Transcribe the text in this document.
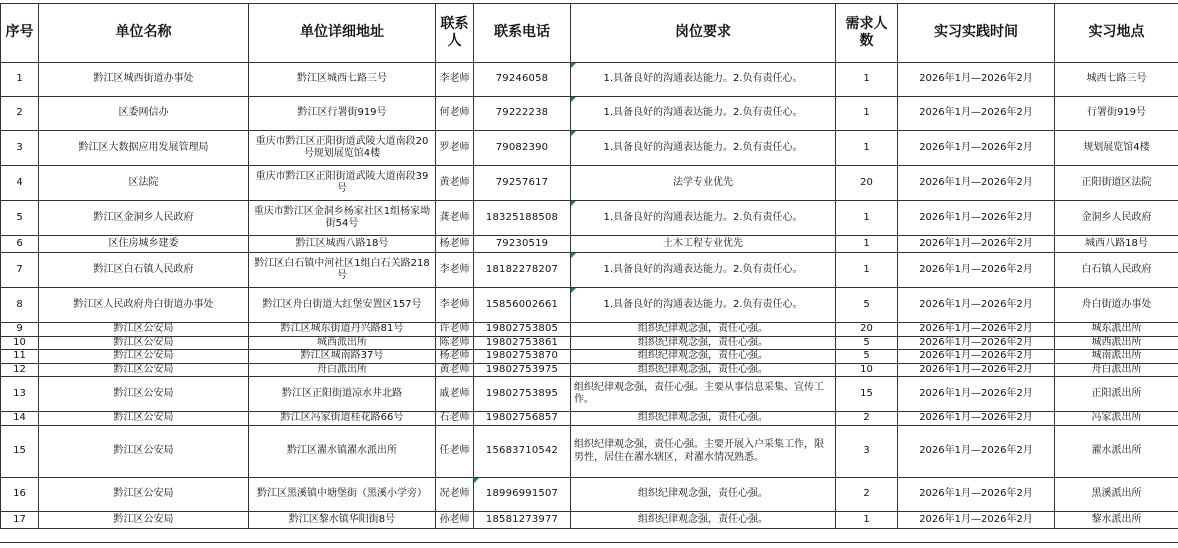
序号	单位名称	单位详细地址	联系人	联系电话	岗位要求	需求人数	实习实践时间	实习地点
1	黔江区城西街道办事处	黔江区城西七路三号	李老师	79246058	1.具备良好的沟通表达能力。2.负有责任心。	1	2026年1月—2026年2月	城西七路三号
2	区委网信办	黔江区行署街919号	何老师	79222238	1.具备良好的沟通表达能力。2.负有责任心。	1	2026年1月—2026年2月	行署街919号
3	黔江区大数据应用发展管理局	重庆市黔江区正阳街道武陵大道南段20号规划展览馆4楼	罗老师	79082390	1.具备良好的沟通表达能力。2.负有责任心。	1	2026年1月—2026年2月	规划展览馆4楼
4	区法院	重庆市黔江区正阳街道武陵大道南段39号	黄老师	79257617	法学专业优先	20	2026年1月—2026年2月	正阳街道区法院
5	黔江区金洞乡人民政府	重庆市黔江区金洞乡杨家社区1组杨家坳街54号	龚老师	18325188508	1.具备良好的沟通表达能力。2.负有责任心。	1	2026年1月—2026年2月	金洞乡人民政府
6	区住房城乡建委	黔江区城西八路18号	杨老师	79230519	土木工程专业优先	1	2026年1月—2026年2月	城西八路18号
7	黔江区白石镇人民政府	黔江区白石镇中河社区1组白石关路218号	李老师	18182278207	1.具备良好的沟通表达能力。2.负有责任心。	1	2026年1月—2026年2月	白石镇人民政府
8	黔江区人民政府舟白街道办事处	黔江区舟白街道大红堡安置区157号	李老师	15856002661	1.具备良好的沟通表达能力。2.负有责任心。	5	2026年1月—2026年2月	舟白街道办事处
9	黔江区公安局	黔江区城东街道丹兴路81号	许老师	19802753805	组织纪律观念强，责任心强。	20	2026年1月—2026年2月	城东派出所
10	黔江区公安局	城西派出所	陈老师	19802753861	组织纪律观念强，责任心强。	5	2026年1月—2026年2月	城西派出所
11	黔江区公安局	黔江区城南路37号	杨老师	19802753870	组织纪律观念强，责任心强。	5	2026年1月—2026年2月	城南派出所
12	黔江区公安局	舟白派出所	黄老师	19802753975	组织纪律观念强，责任心强。	10	2026年1月—2026年2月	舟白派出所
13	黔江区公安局	黔江区正阳街道凉水井北路	戚老师	19802753895	组织纪律观念强，责任心强。主要从事信息采集、宣传工作。	15	2026年1月—2026年2月	正阳派出所
14	黔江区公安局	黔江区冯家街道桂花路66号	石老师	19802756857	组织纪律观念强，责任心强。	2	2026年1月—2026年2月	冯家派出所
15	黔江区公安局	黔江区濯水镇濯水派出所	任老师	15683710542	组织纪律观念强，责任心强。主要开展入户采集工作，限男性，居住在濯水辖区，对濯水情况熟悉。	3	2026年1月—2026年2月	濯水派出所
16	黔江区公安局	黔江区黑溪镇中塘堡街（黑溪小学旁）	况老师	18996991507	组织纪律观念强，责任心强。	2	2026年1月—2026年2月	黑溪派出所
17	黔江区公安局	黔江区黎水镇华阳街8号	孙老师	18581273977	组织纪律观念强，责任心强。	1	2026年1月—2026年2月	黎水派出所
